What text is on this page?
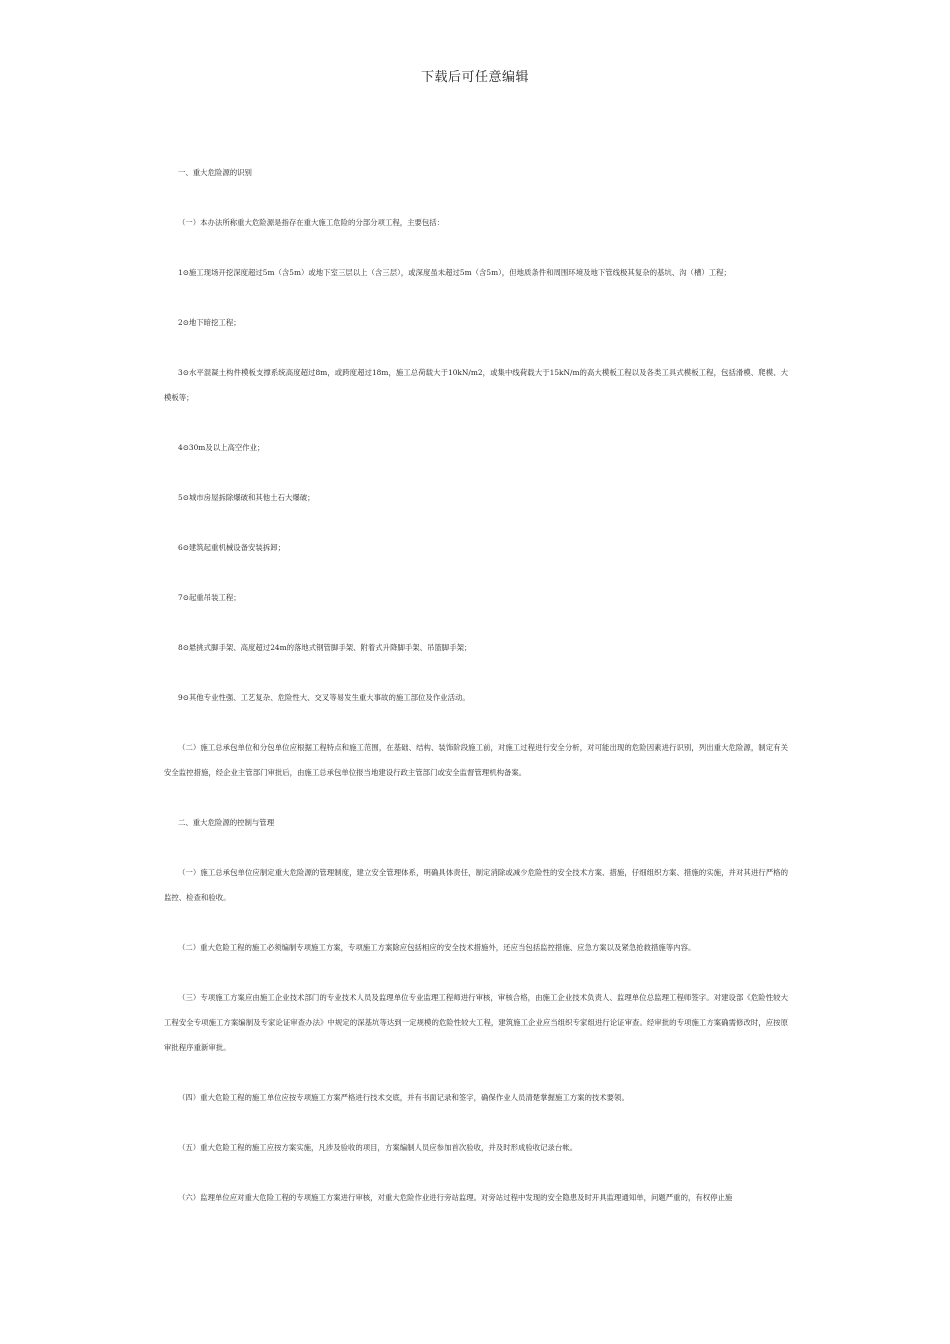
下载后可任意编辑

一、重大危险源的识别

（一）本办法所称重大危险源是指存在重大施工危险的分部分项工程，主要包括：

1⊙施工现场开挖深度超过5m（含5m）或地下室三层以上（含三层），或深度虽未超过5m（含5m），但地质条件和周围环境及地下管线极其复杂的基坑、沟（槽）工程；

2⊙地下暗挖工程；

3⊙水平混凝土构件模板支撑系统高度超过8m，或跨度超过18m，施工总荷载大于10kN/m2，或集中线荷载大于15kN/m的高大模板工程以及各类工具式模板工程，包括滑模、爬模、大模板等；

4⊙30m及以上高空作业；

5⊙城市房屋拆除爆破和其他土石大爆破；

6⊙建筑起重机械设备安装拆卸；

7⊙起重吊装工程；

8⊙悬挑式脚手架、高度超过24m的落地式钢管脚手架、附着式升降脚手架、吊篮脚手架；

9⊙其他专业性强、工艺复杂、危险性大、交叉等易发生重大事故的施工部位及作业活动。

（二）施工总承包单位和分包单位应根据工程特点和施工范围，在基础、结构、装饰阶段施工前，对施工过程进行安全分析，对可能出现的危险因素进行识别，列出重大危险源，制定有关安全监控措施，经企业主管部门审批后，由施工总承包单位报当地建设行政主管部门或安全监督管理机构备案。

二、重大危险源的控制与管理

（一）施工总承包单位应制定重大危险源的管理制度，建立安全管理体系，明确具体责任，制定消除或减少危险性的安全技术方案、措施，仔细组织方案、措施的实施，并对其进行严格的监控、检查和验收。

（二）重大危险工程的施工必须编制专项施工方案，专项施工方案除应包括相应的安全技术措施外，还应当包括监控措施、应急方案以及紧急抢救措施等内容。

（三）专项施工方案应由施工企业技术部门的专业技术人员及监理单位专业监理工程师进行审核，审核合格，由施工企业技术负责人、监理单位总监理工程师签字。对建设部《危险性较大工程安全专项施工方案编制及专家论证审查办法》中规定的深基坑等达到一定规模的危险性较大工程，建筑施工企业应当组织专家组进行论证审查。经审批的专项施工方案确需修改时，应按原审批程序重新审批。

（四）重大危险工程的施工单位应按专项施工方案严格进行技术交底，并有书面记录和签字，确保作业人员清楚掌握施工方案的技术要领。

（五）重大危险工程的施工应按方案实施，凡涉及验收的项目，方案编制人员应参加首次验收，并及时形成验收记录台帐。

（六）监理单位应对重大危险工程的专项施工方案进行审核，对重大危险作业进行旁站监理。对旁站过程中发现的安全隐患及时开具监理通知单，问题严重的，有权停止施
